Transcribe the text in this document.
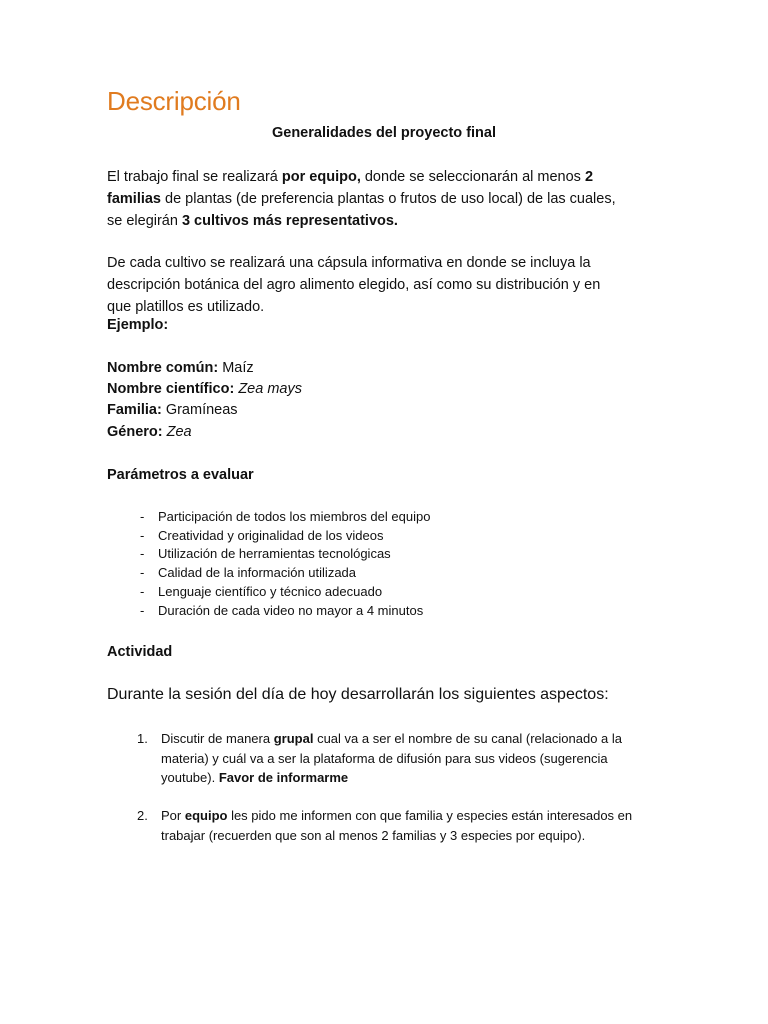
Descripción
Generalidades del proyecto final
El trabajo final se realizará por equipo, donde se seleccionarán al menos 2
familias de plantas (de preferencia plantas o frutos de uso local) de las cuales,
se elegirán 3 cultivos más representativos.
De cada cultivo se realizará una cápsula informativa en donde se incluya la
descripción botánica del agro alimento elegido, así como su distribución y en
que platillos es utilizado.
Ejemplo:
Nombre común: Maíz
Nombre científico: Zea mays
Familia: Gramíneas
Género: Zea
Parámetros a evaluar
- Participación de todos los miembros del equipo
- Creatividad y originalidad de los videos
- Utilización de herramientas tecnológicas
- Calidad de la información utilizada
- Lenguaje científico y técnico adecuado
- Duración de cada video no mayor a 4 minutos
Actividad
Durante la sesión del día de hoy desarrollarán los siguientes aspectos:
1. Discutir de manera grupal cual va a ser el nombre de su canal (relacionado a la
materia) y cuál va a ser la plataforma de difusión para sus videos (sugerencia
youtube). Favor de informarme
2. Por equipo les pido me informen con que familia y especies están interesados en
trabajar (recuerden que son al menos 2 familias y 3 especies por equipo).
